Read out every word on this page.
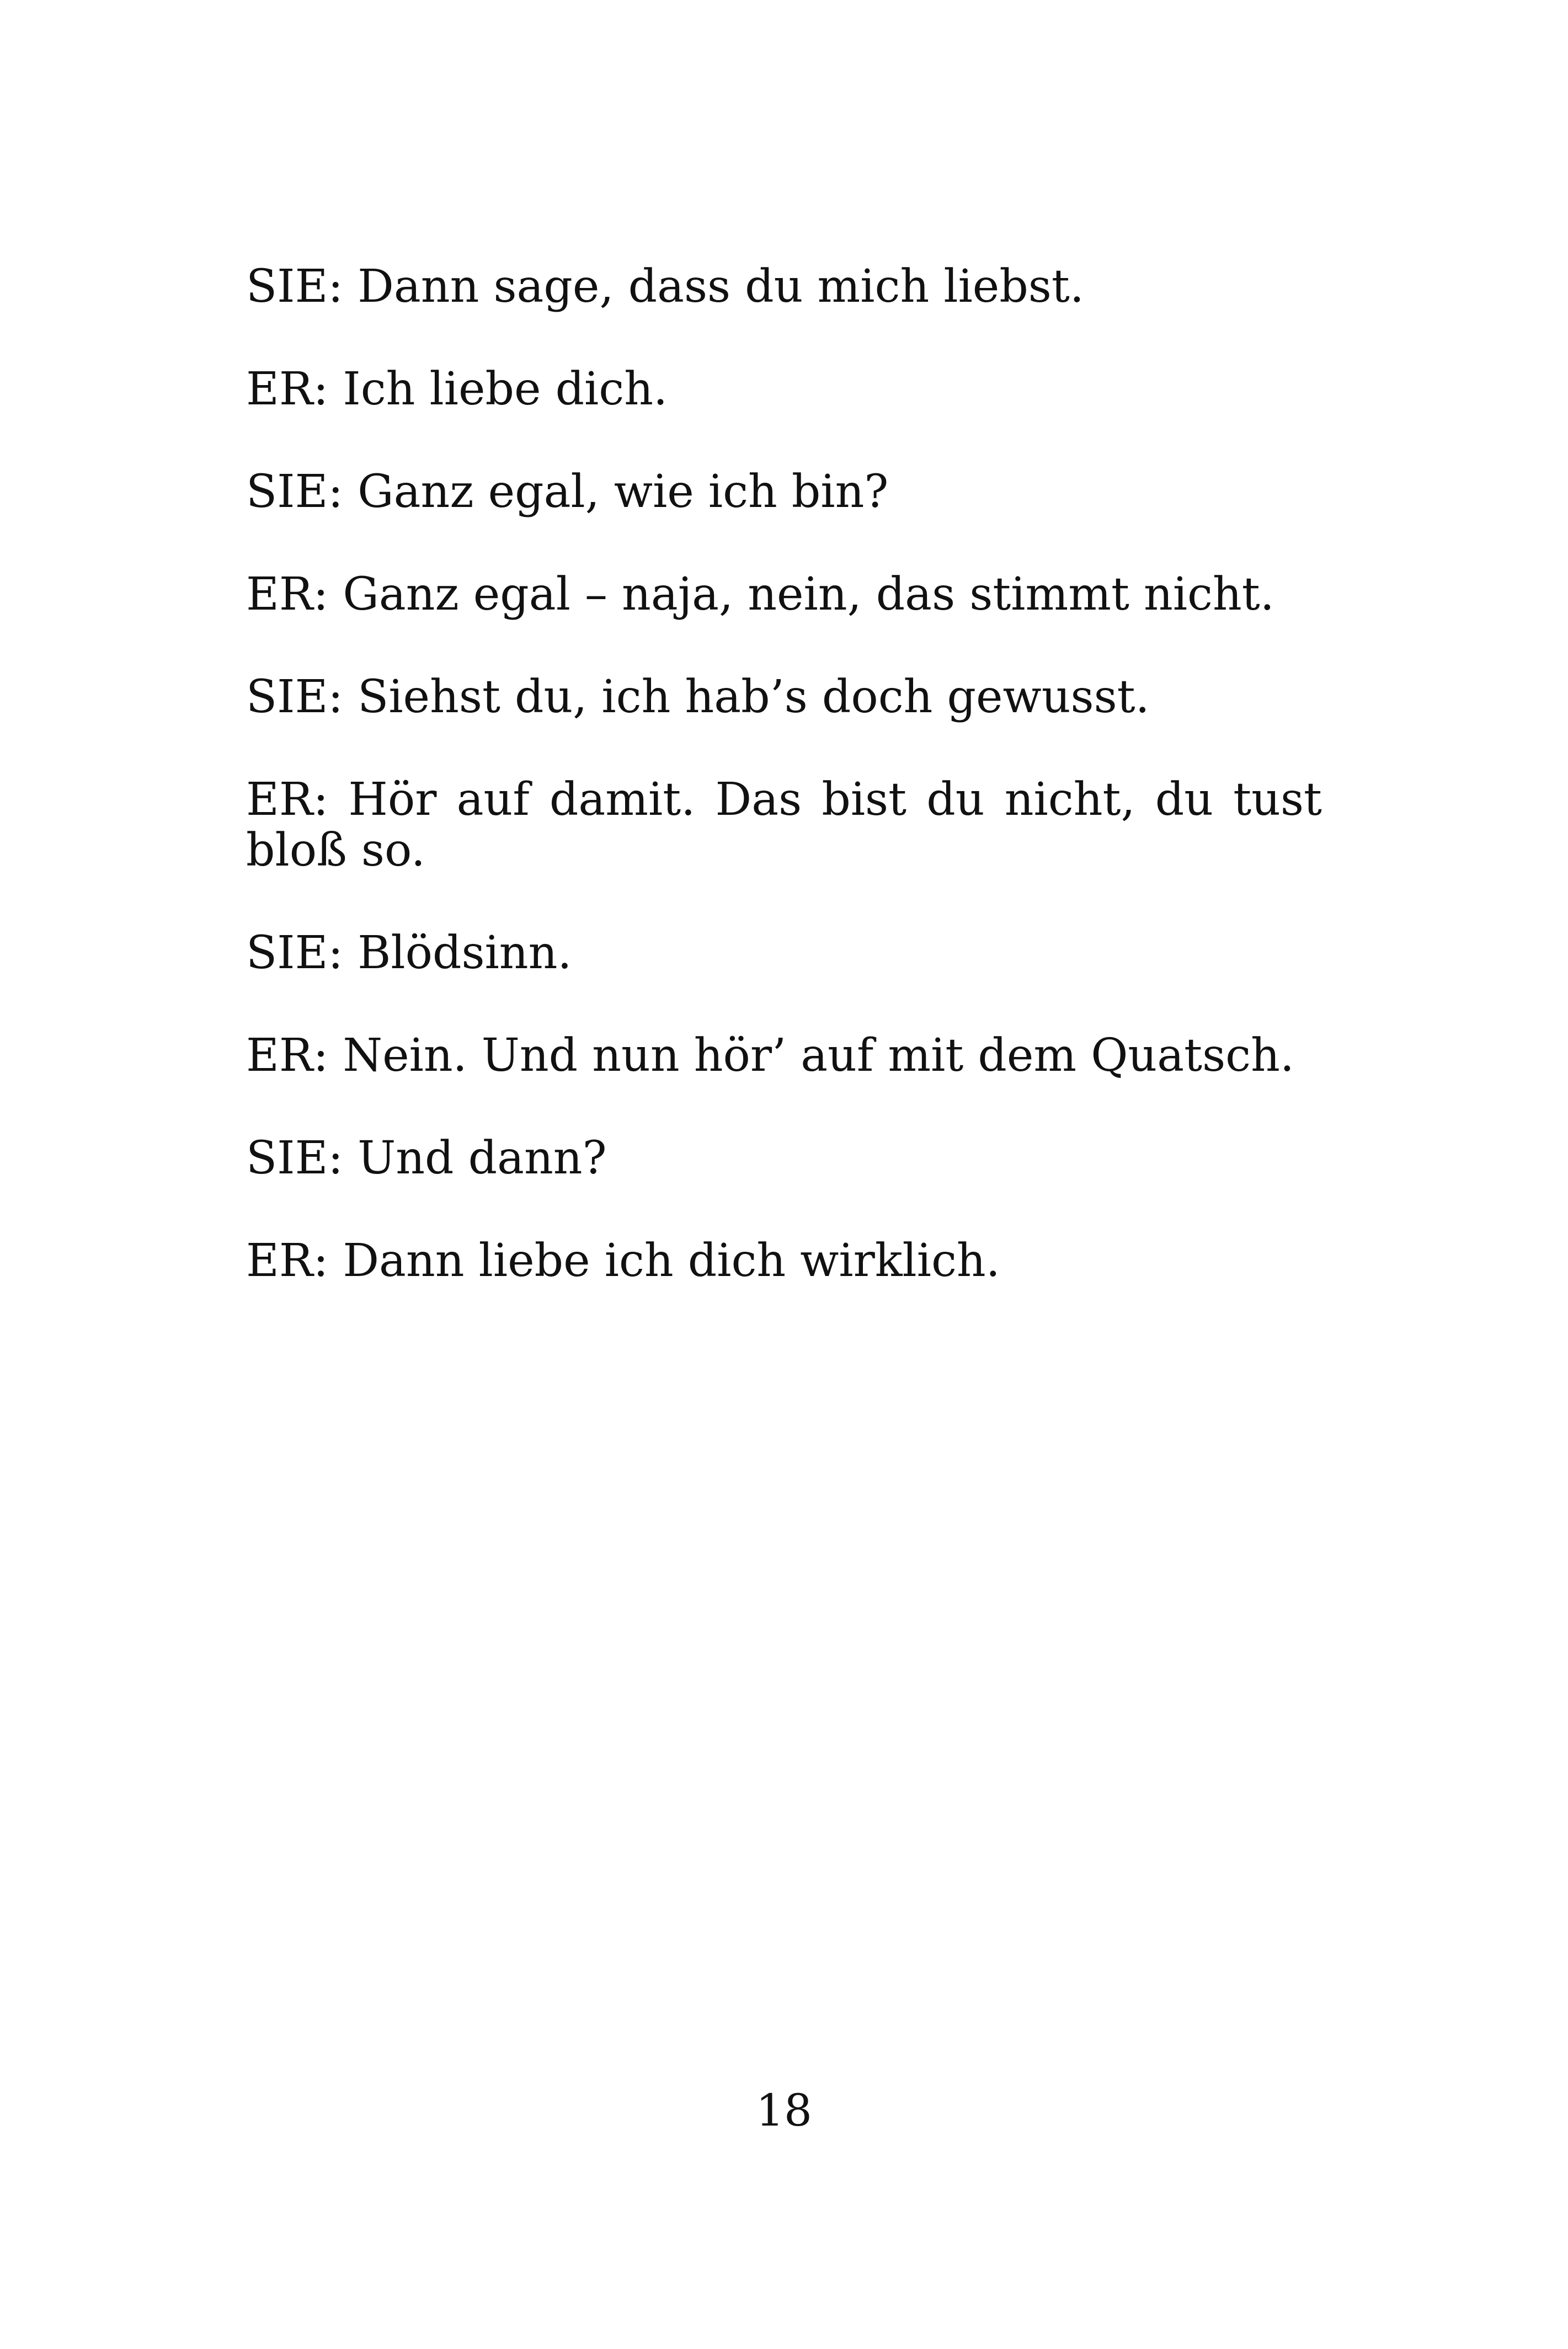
SIE: Dann sage, dass du mich liebst.

ER: Ich liebe dich.

SIE: Ganz egal, wie ich bin?

ER: Ganz egal – naja, nein, das stimmt nicht.

SIE: Siehst du, ich hab’s doch gewusst.

ER: Hör auf damit. Das bist du nicht, du tust bloß so.

SIE: Blödsinn.

ER: Nein. Und nun hör’ auf mit dem Quatsch.

SIE: Und dann?

ER: Dann liebe ich dich wirklich.

18
